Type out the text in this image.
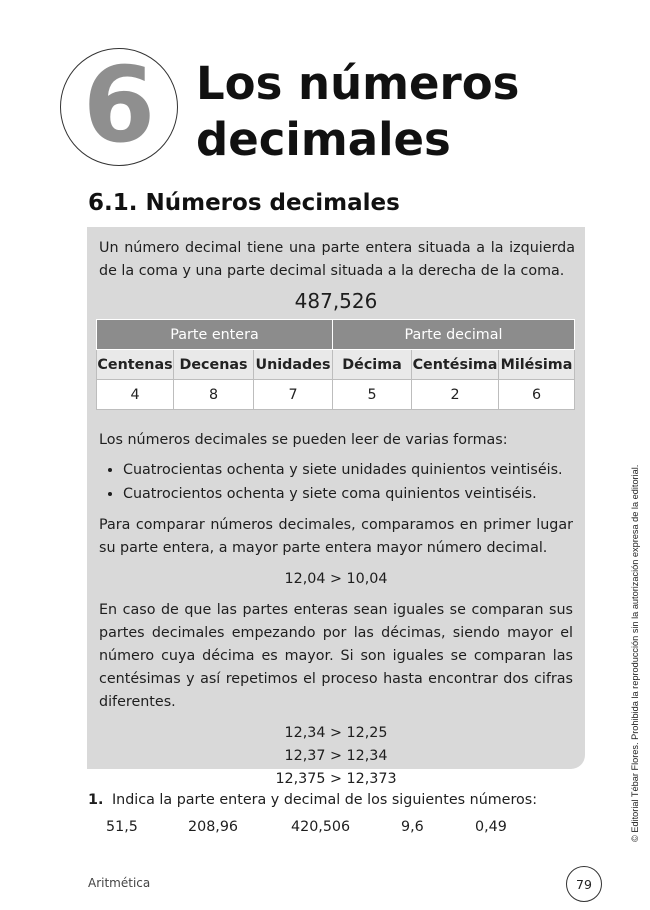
6 Los números
decimales
6.1. Números decimales

Un número decimal tiene una parte entera situada a la izquierda de la coma y una parte decimal situada a la derecha de la coma.

487,526
Parte entera			Parte decimal		
Centenas	Decenas	Unidades	Décima	Centésima	Milésima
4	8	7	5	2	6

Los números decimales se pueden leer de varias formas:

• Cuatrocientas ochenta y siete unidades quinientos veintiséis.
• Cuatrocientos ochenta y siete coma quinientos veintiséis.

Para comparar números decimales, comparamos en primer lugar su parte entera, a mayor parte entera mayor número decimal.

12,04 > 10,04

En caso de que las partes enteras sean iguales se comparan sus partes decimales empezando por las décimas, siendo mayor el número cuya décima es mayor. Si son iguales se comparan las centésimas y así repetimos el proceso hasta encontrar dos cifras diferentes.

12,34 > 12,25
12,37 > 12,34
12,375 > 12,373

1. Indica la parte entera y decimal de los siguientes números:

51,5	208,96	420,506	9,6	0,49
Aritmética	79
© Editorial Tébar Flores. Prohibida la reproducción sin la autorización expresa de la editorial.
